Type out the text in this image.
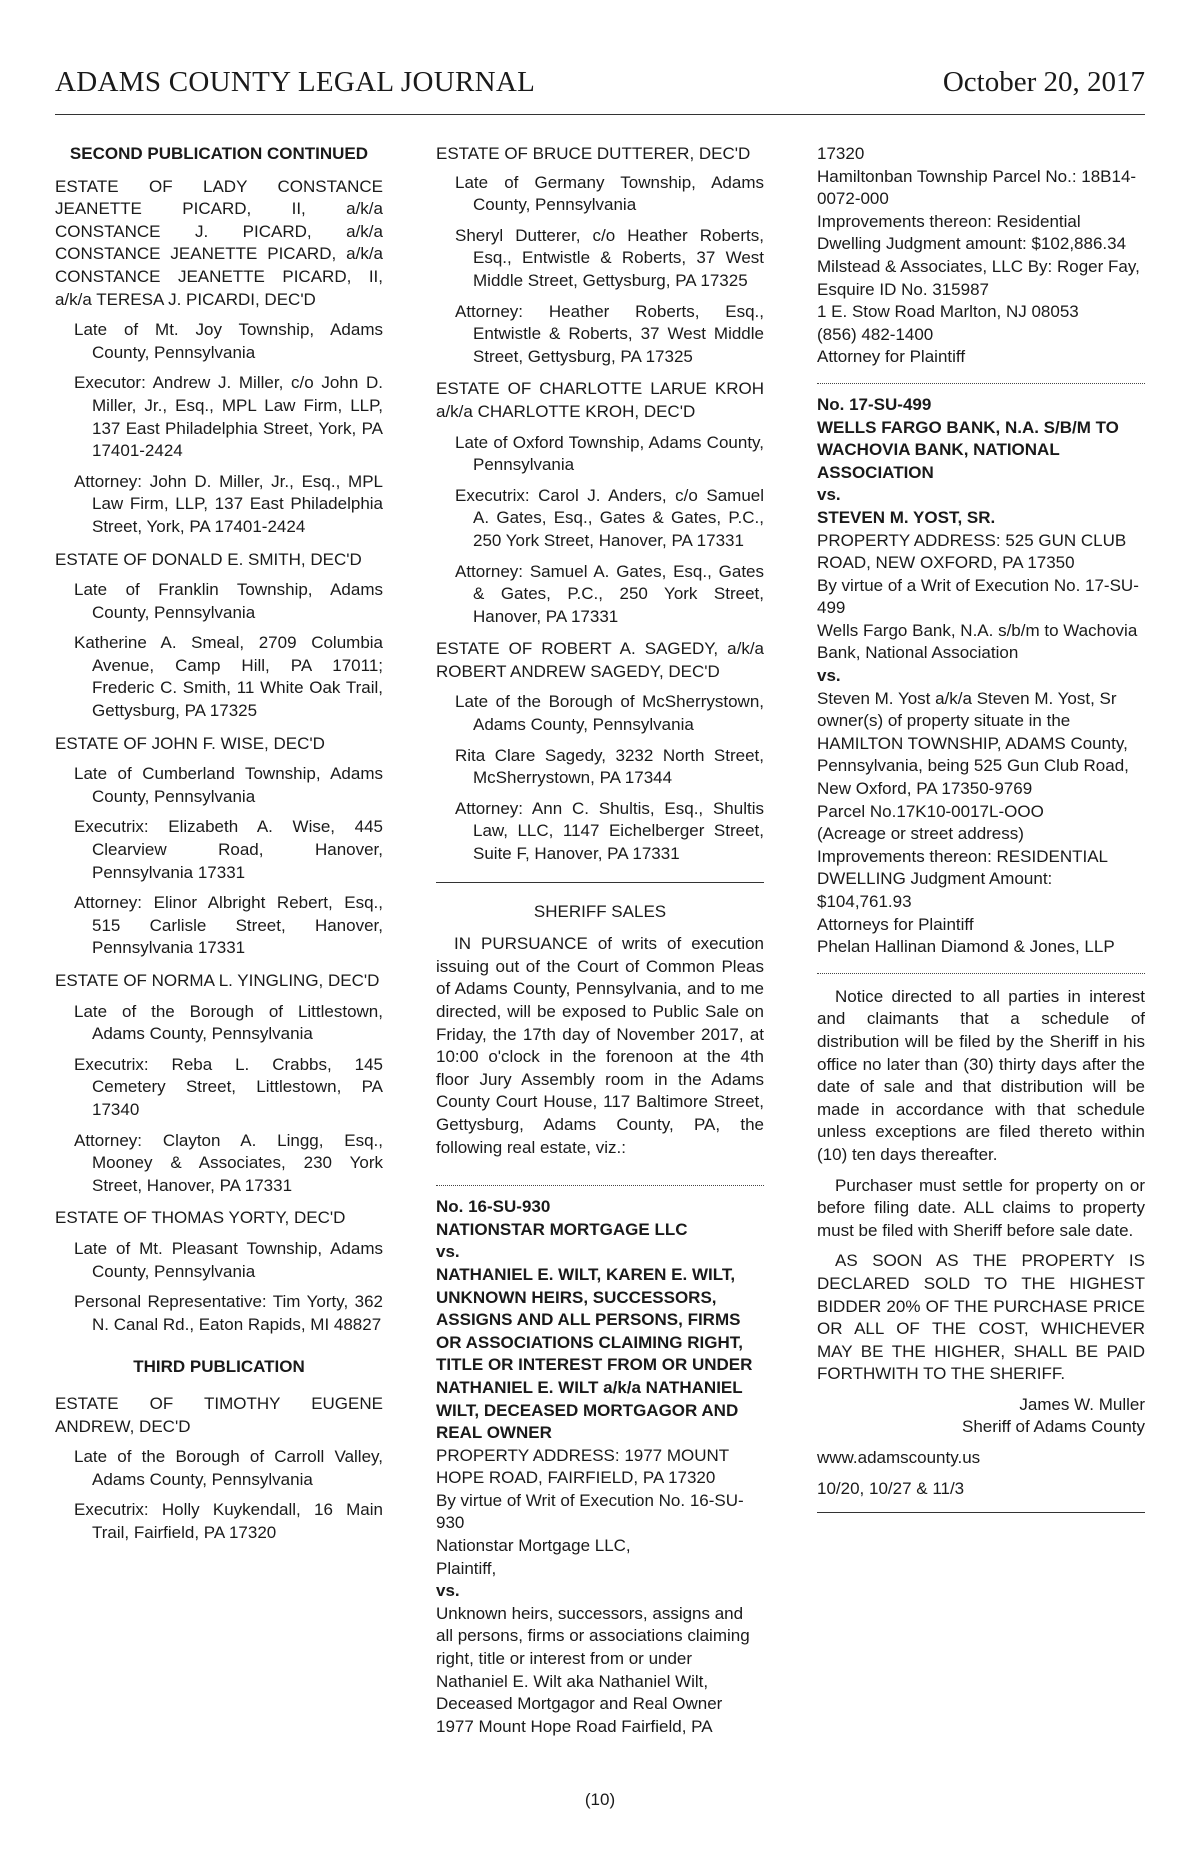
ADAMS COUNTY LEGAL JOURNAL	October 20, 2017

SECOND PUBLICATION CONTINUED

ESTATE OF LADY CONSTANCE JEANETTE PICARD, II, a/k/a CONSTANCE J. PICARD, a/k/a CONSTANCE JEANETTE PICARD, a/k/a CONSTANCE JEANETTE PICARD, II, a/k/a TERESA J. PICARDI, DEC'D

Late of Mt. Joy Township, Adams County, Pennsylvania

Executor: Andrew J. Miller, c/o John D. Miller, Jr., Esq., MPL Law Firm, LLP, 137 East Philadelphia Street, York, PA 17401-2424

Attorney: John D. Miller, Jr., Esq., MPL Law Firm, LLP, 137 East Philadelphia Street, York, PA 17401-2424

ESTATE OF DONALD E. SMITH, DEC'D

Late of Franklin Township, Adams County, Pennsylvania

Katherine A. Smeal, 2709 Columbia Avenue, Camp Hill, PA 17011; Frederic C. Smith, 11 White Oak Trail, Gettysburg, PA 17325

ESTATE OF JOHN F. WISE, DEC'D

Late of Cumberland Township, Adams County, Pennsylvania

Executrix: Elizabeth A. Wise, 445 Clearview Road, Hanover, Pennsylvania 17331

Attorney: Elinor Albright Rebert, Esq., 515 Carlisle Street, Hanover, Pennsylvania 17331

ESTATE OF NORMA L. YINGLING, DEC'D

Late of the Borough of Littlestown, Adams County, Pennsylvania

Executrix: Reba L. Crabbs, 145 Cemetery Street, Littlestown, PA 17340

Attorney: Clayton A. Lingg, Esq., Mooney & Associates, 230 York Street, Hanover, PA 17331

ESTATE OF THOMAS YORTY, DEC'D

Late of Mt. Pleasant Township, Adams County, Pennsylvania

Personal Representative: Tim Yorty, 362 N. Canal Rd., Eaton Rapids, MI 48827

THIRD PUBLICATION

ESTATE OF TIMOTHY EUGENE ANDREW, DEC'D

Late of the Borough of Carroll Valley, Adams County, Pennsylvania

Executrix: Holly Kuykendall, 16 Main Trail, Fairfield, PA 17320

ESTATE OF BRUCE DUTTERER, DEC'D

Late of Germany Township, Adams County, Pennsylvania

Sheryl Dutterer, c/o Heather Roberts, Esq., Entwistle & Roberts, 37 West Middle Street, Gettysburg, PA 17325

Attorney: Heather Roberts, Esq., Entwistle & Roberts, 37 West Middle Street, Gettysburg, PA 17325

ESTATE OF CHARLOTTE LARUE KROH a/k/a CHARLOTTE KROH, DEC'D

Late of Oxford Township, Adams County, Pennsylvania

Executrix: Carol J. Anders, c/o Samuel A. Gates, Esq., Gates & Gates, P.C., 250 York Street, Hanover, PA 17331

Attorney: Samuel A. Gates, Esq., Gates & Gates, P.C., 250 York Street, Hanover, PA 17331

ESTATE OF ROBERT A. SAGEDY, a/k/a ROBERT ANDREW SAGEDY, DEC'D

Late of the Borough of McSherrystown, Adams County, Pennsylvania

Rita Clare Sagedy, 3232 North Street, McSherrystown, PA 17344

Attorney: Ann C. Shultis, Esq., Shultis Law, LLC, 1147 Eichelberger Street, Suite F, Hanover, PA 17331

SHERIFF SALES

IN PURSUANCE of writs of execution issuing out of the Court of Common Pleas of Adams County, Pennsylvania, and to me directed, will be exposed to Public Sale on Friday, the 17th day of November 2017, at 10:00 o'clock in the forenoon at the 4th floor Jury Assembly room in the Adams County Court House, 117 Baltimore Street, Gettysburg, Adams County, PA, the following real estate, viz.:

No. 16-SU-930

NATIONSTAR MORTGAGE LLC

vs.

NATHANIEL E. WILT, KAREN E. WILT, UNKNOWN HEIRS, SUCCESSORS, ASSIGNS AND ALL PERSONS, FIRMS OR ASSOCIATIONS CLAIMING RIGHT, TITLE OR INTEREST FROM OR UNDER NATHANIEL E. WILT a/k/a NATHANIEL WILT, DECEASED MORTGAGOR AND REAL OWNER

PROPERTY ADDRESS: 1977 MOUNT HOPE ROAD, FAIRFIELD, PA 17320

By virtue of Writ of Execution No. 16-SU-930

Nationstar Mortgage LLC,

Plaintiff,

vs.

Unknown heirs, successors, assigns and all persons, firms or associations claiming right, title or interest from or under Nathaniel E. Wilt aka Nathaniel Wilt, Deceased Mortgagor and Real Owner

1977 Mount Hope Road Fairfield, PA

17320

Hamiltonban Township Parcel No.: 18B14-0072-000

Improvements thereon: Residential Dwelling Judgment amount: $102,886.34

Milstead & Associates, LLC By: Roger Fay, Esquire ID No. 315987

1 E. Stow Road Marlton, NJ 08053

(856) 482-1400

Attorney for Plaintiff

No. 17-SU-499

WELLS FARGO BANK, N.A. S/B/M TO WACHOVIA BANK, NATIONAL ASSOCIATION

vs.

STEVEN M. YOST, SR.

PROPERTY ADDRESS: 525 GUN CLUB ROAD, NEW OXFORD, PA 17350

By virtue of a Writ of Execution No. 17-SU-499

Wells Fargo Bank, N.A. s/b/m to Wachovia Bank, National Association

vs.

Steven M. Yost a/k/a Steven M. Yost, Sr owner(s) of property situate in the HAMILTON TOWNSHIP, ADAMS County, Pennsylvania, being 525 Gun Club Road,

New Oxford, PA 17350-9769

Parcel No.17K10-0017L-OOO

(Acreage or street address)

Improvements thereon: RESIDENTIAL DWELLING Judgment Amount: $104,761.93

Attorneys for Plaintiff

Phelan Hallinan Diamond & Jones, LLP

Notice directed to all parties in interest and claimants that a schedule of distribution will be filed by the Sheriff in his office no later than (30) thirty days after the date of sale and that distribution will be made in accordance with that schedule unless exceptions are filed thereto within (10) ten days thereafter.

Purchaser must settle for property on or before filing date. ALL claims to property must be filed with Sheriff before sale date.

AS SOON AS THE PROPERTY IS DECLARED SOLD TO THE HIGHEST BIDDER 20% OF THE PURCHASE PRICE OR ALL OF THE COST, WHICHEVER MAY BE THE HIGHER, SHALL BE PAID FORTHWITH TO THE SHERIFF.

James W. Muller

Sheriff of Adams County

www.adamscounty.us

10/20, 10/27 & 11/3

(10)
